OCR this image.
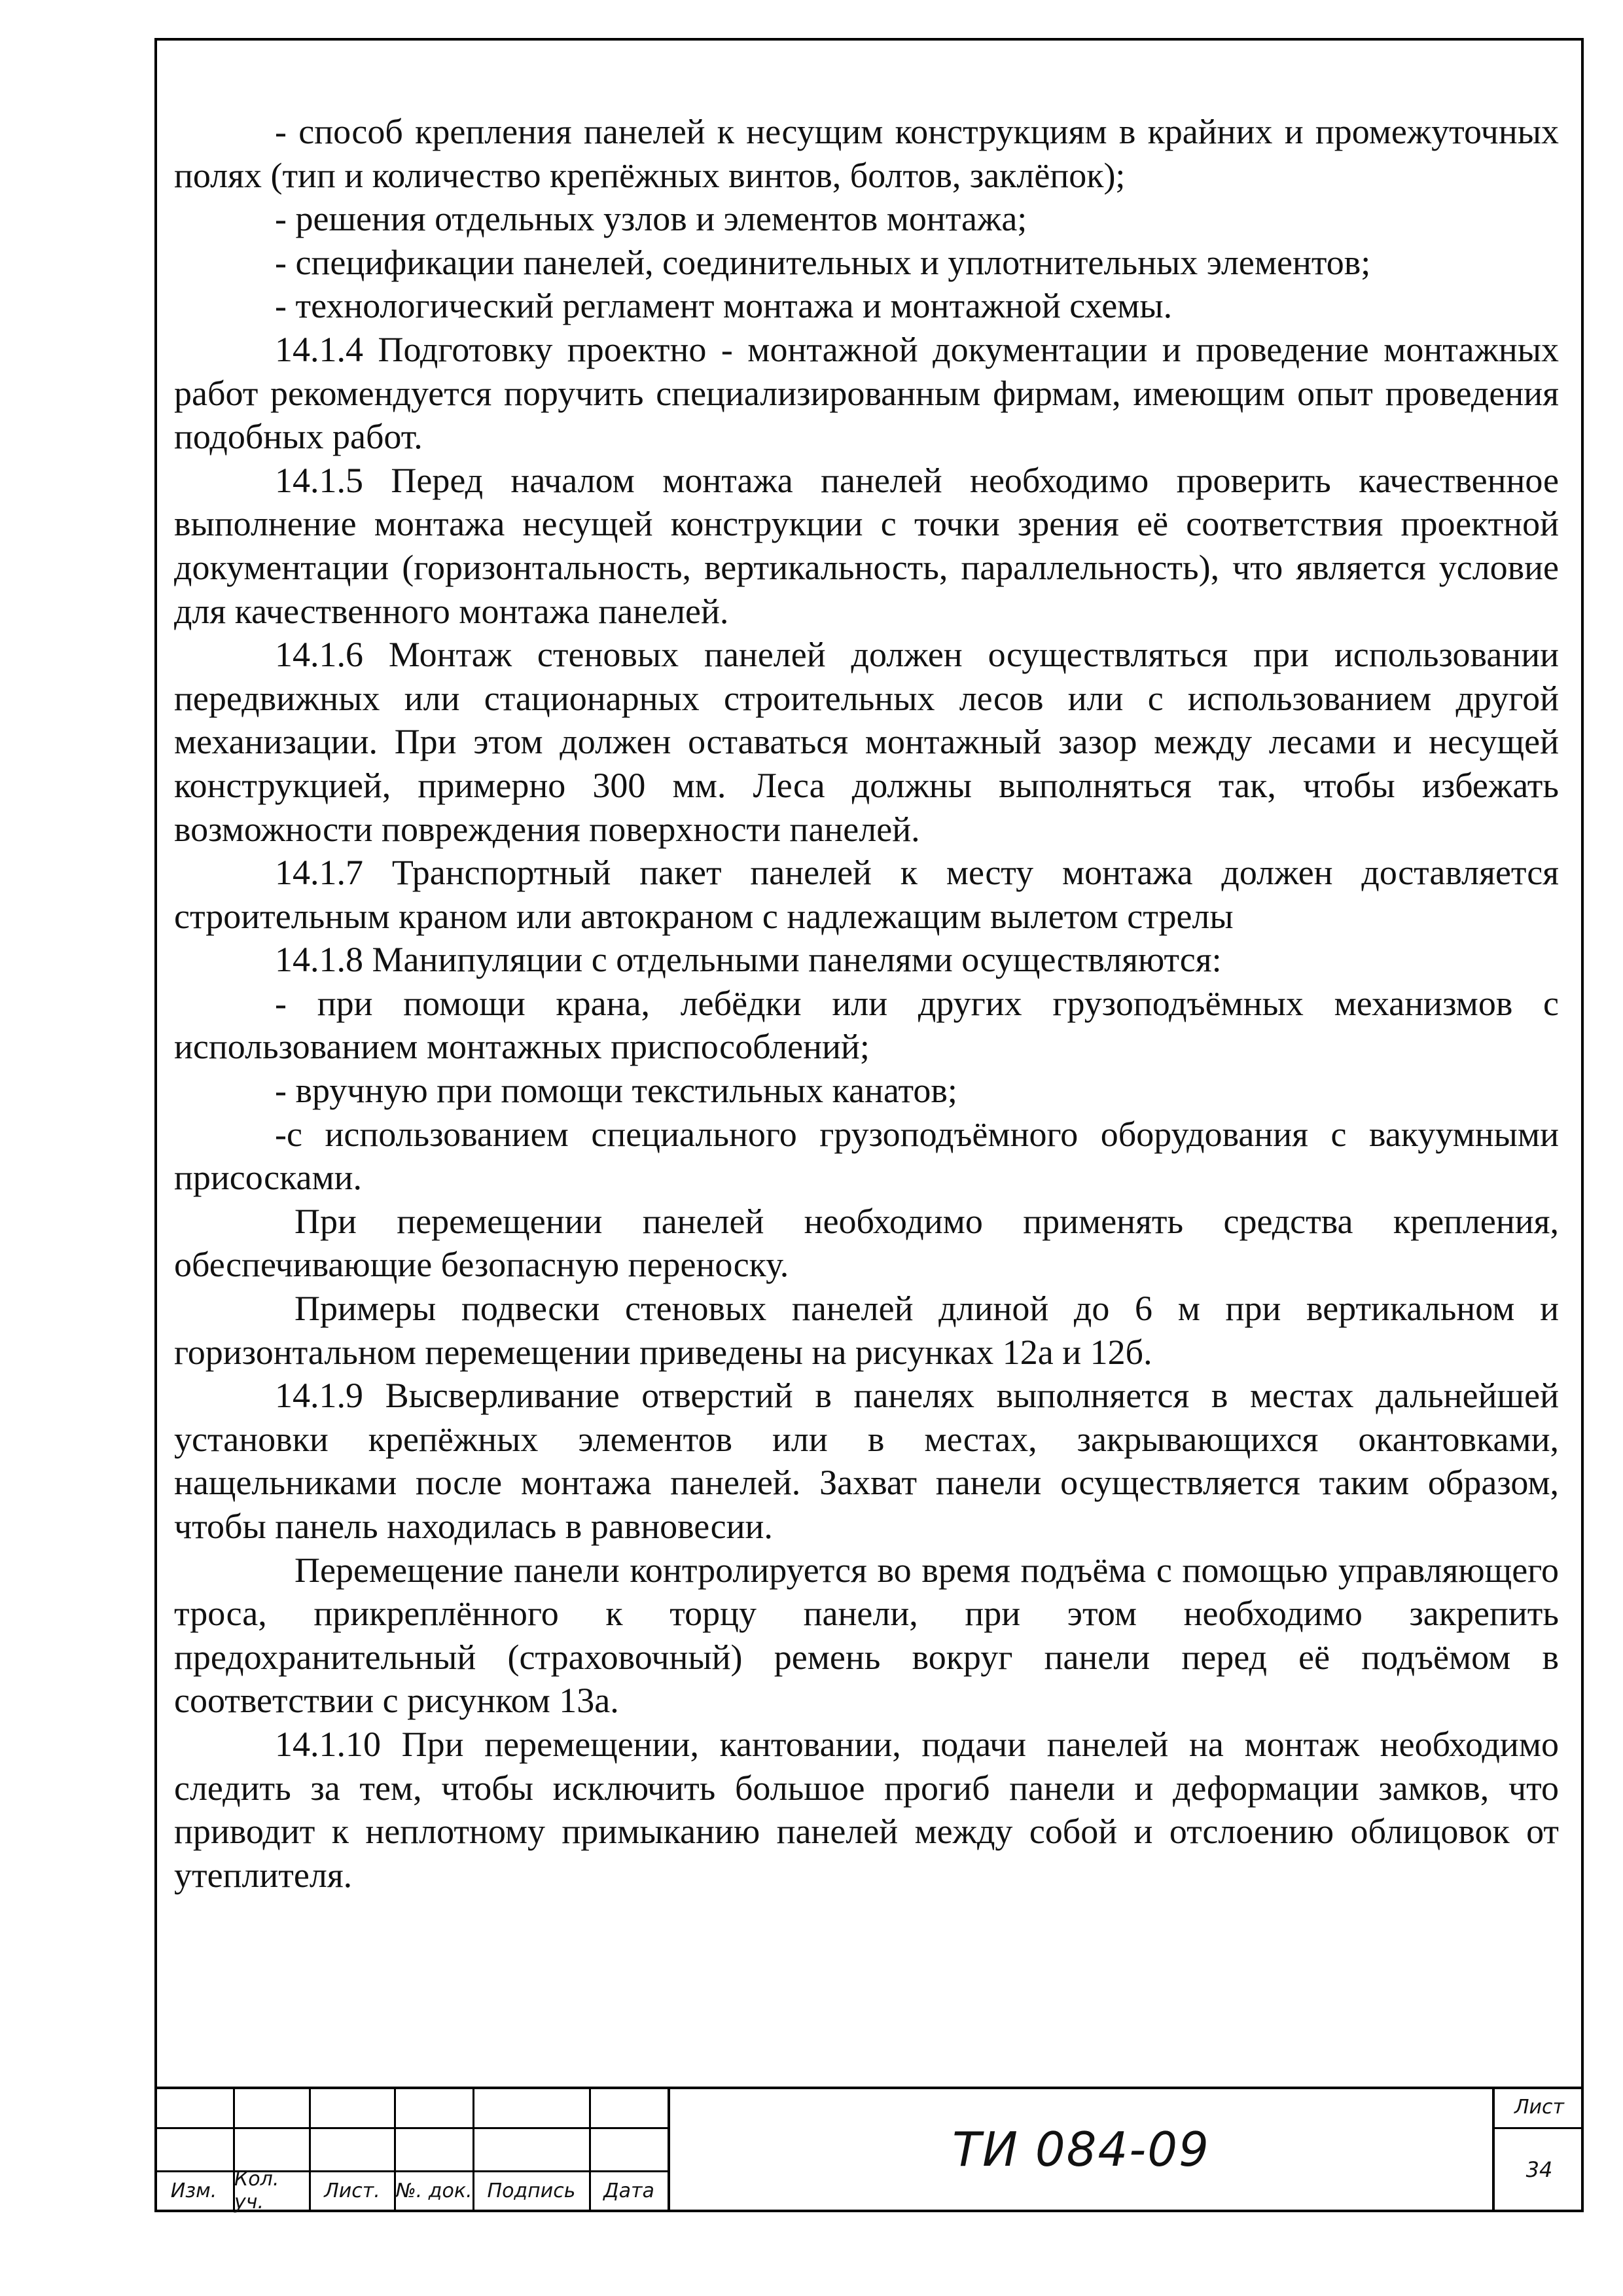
- способ крепления панелей к несущим конструкциям в крайних и промежуточных полях (тип и количество крепёжных винтов, болтов, заклёпок);

- решения отдельных узлов и элементов монтажа;

- спецификации панелей, соединительных и уплотнительных элементов;

- технологический регламент монтажа и монтажной схемы.

14.1.4 Подготовку проектно - монтажной документации и проведение монтажных работ рекомендуется поручить специализированным фирмам, имеющим опыт проведения подобных работ.

14.1.5 Перед началом монтажа панелей необходимо проверить качественное выполнение монтажа несущей конструкции с точки зрения её соответствия проектной документации (горизонтальность, вертикальность, параллельность), что является условие для качественного монтажа панелей.

14.1.6 Монтаж стеновых панелей должен осуществляться при использовании передвижных или стационарных строительных лесов или с использованием другой механизации. При этом должен оставаться монтажный зазор между лесами и несущей конструкцией, примерно 300 мм. Леса должны выполняться так, чтобы избежать возможности повреждения поверхности панелей.

14.1.7 Транспортный пакет панелей к месту монтажа должен доставляется строительным краном или автокраном с надлежащим вылетом стрелы

14.1.8 Манипуляции с отдельными панелями осуществляются:

- при помощи крана, лебёдки или других грузоподъёмных механизмов с использованием монтажных приспособлений;

- вручную при помощи текстильных канатов;

-с использованием специального грузоподъёмного оборудования с вакуумными присосками.

При перемещении панелей необходимо применять средства крепления, обеспечивающие безопасную переноску.

Примеры подвески стеновых панелей длиной до 6 м при вертикальном и горизонтальном перемещении приведены на рисунках 12а и 12б.

14.1.9 Высверливание отверстий в панелях выполняется в местах дальнейшей установки крепёжных элементов или в местах, закрывающихся окантовками, нащельниками после монтажа панелей. Захват панели осуществляется таким образом, чтобы панель находилась в равновесии.

Перемещение панели контролируется во время подъёма с помощью управляющего троса, прикреплённого к торцу панели, при этом необходимо закрепить предохранительный (страховочный) ремень вокруг панели перед её подъёмом в соответствии с рисунком 13а.

14.1.10 При перемещении, кантовании, подачи панелей на монтаж необходимо следить за тем, чтобы исключить большое прогиб панели и деформации замков, что приводит к неплотному примыканию панелей между собой и отслоению облицовок от утеплителя.

Изм. Кол. уч.	Лист. №. док. Подпись	Дата
ТИ 084-09
Лист
34
